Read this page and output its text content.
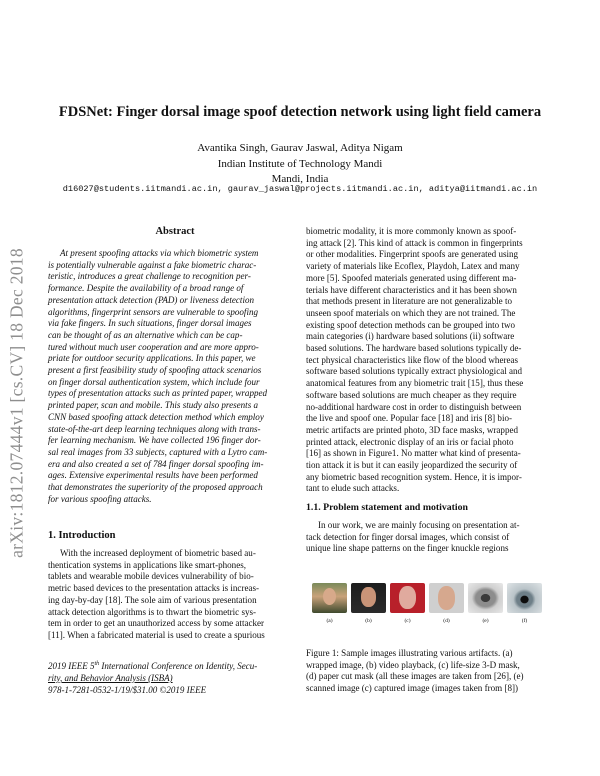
arXiv:1812.07444v1 [cs.CV] 18 Dec 2018
FDSNet: Finger dorsal image spoof detection network using light field camera
Avantika Singh, Gaurav Jaswal, Aditya Nigam
Indian Institute of Technology Mandi
Mandi, India
d16027@students.iitmandi.ac.in, gaurav_jaswal@projects.iitmandi.ac.in, aditya@iitmandi.ac.in
Abstract

At present spoofing attacks via which biometric system

is potentially vulnerable against a fake biometric charac-

teristic, introduces a great challenge to recognition per-

formance. Despite the availability of a broad range of

presentation attack detection (PAD) or liveness detection

algorithms, fingerprint sensors are vulnerable to spoofing

via fake fingers. In such situations, finger dorsal images

can be thought of as an alternative which can be cap-

tured without much user cooperation and are more appro-

priate for outdoor security applications. In this paper, we

present a first feasibility study of spoofing attack scenarios

on finger dorsal authentication system, which include four

types of presentation attacks such as printed paper, wrapped

printed paper, scan and mobile. This study also presents a

CNN based spoofing attack detection method which employ

state-of-the-art deep learning techniques along with trans-

fer learning mechanism. We have collected 196 finger dor-

sal real images from 33 subjects, captured with a Lytro cam-

era and also created a set of 784 finger dorsal spoofing im-

ages. Extensive experimental results have been performed

that demonstrates the superiority of the proposed approach

for various spoofing attacks.

1. Introduction

With the increased deployment of biometric based au-

thentication systems in applications like smart-phones,

tablets and wearable mobile devices vulnerability of bio-

metric based devices to the presentation attacks is increas-

ing day-by-day [18]. The sole aim of various presentation

attack detection algorithms is to thwart the biometric sys-

tem in order to get an unauthorized access by some attacker

[11]. When a fabricated material is used to create a spurious

2019 IEEE 5th International Conference on Identity, Secu-
rity, and Behavior Analysis (ISBA)
978-1-7281-0532-1/19/$31.00 ©2019 IEEE

biometric modality, it is more commonly known as spoof-

ing attack [2]. This kind of attack is common in fingerprints

or other modalities. Fingerprint spoofs are generated using

variety of materials like Ecoflex, Playdoh, Latex and many

more [5]. Spoofed materials generated using different ma-

terials have different characteristics and it has been shown

that methods present in literature are not generalizable to

unseen spoof materials on which they are not trained. The

existing spoof detection methods can be grouped into two

main categories (i) hardware based solutions (ii) software

based solutions. The hardware based solutions typically de-

tect physical characteristics like flow of the blood whereas

software based solutions typically extract physiological and

anatomical features from any biometric trait [15], thus these

software based solutions are much cheaper as they require

no-additional hardware cost in order to distinguish between

the live and spoof one. Popular face [18] and iris [8] bio-

metric artifacts are printed photo, 3D face masks, wrapped

printed attack, electronic display of an iris or facial photo

[16] as shown in Figure1. No matter what kind of presenta-

tion attack it is but it can easily jeopardized the security of

any biometric based recognition system. Hence, it is impor-

tant to elude such attacks.

1.1. Problem statement and motivation

In our work, we are mainly focusing on presentation at-

tack detection for finger dorsal images, which consist of

unique line shape patterns on the finger knuckle regions

(a)	(b)	(c)	(d)	(e)	(f)

Figure 1: Sample images illustrating various artifacts. (a)

wrapped image, (b) video playback, (c) life-size 3-D mask,

(d) paper cut mask (all these images are taken from [26], (e)

scanned image (c) captured image (images taken from [8])
